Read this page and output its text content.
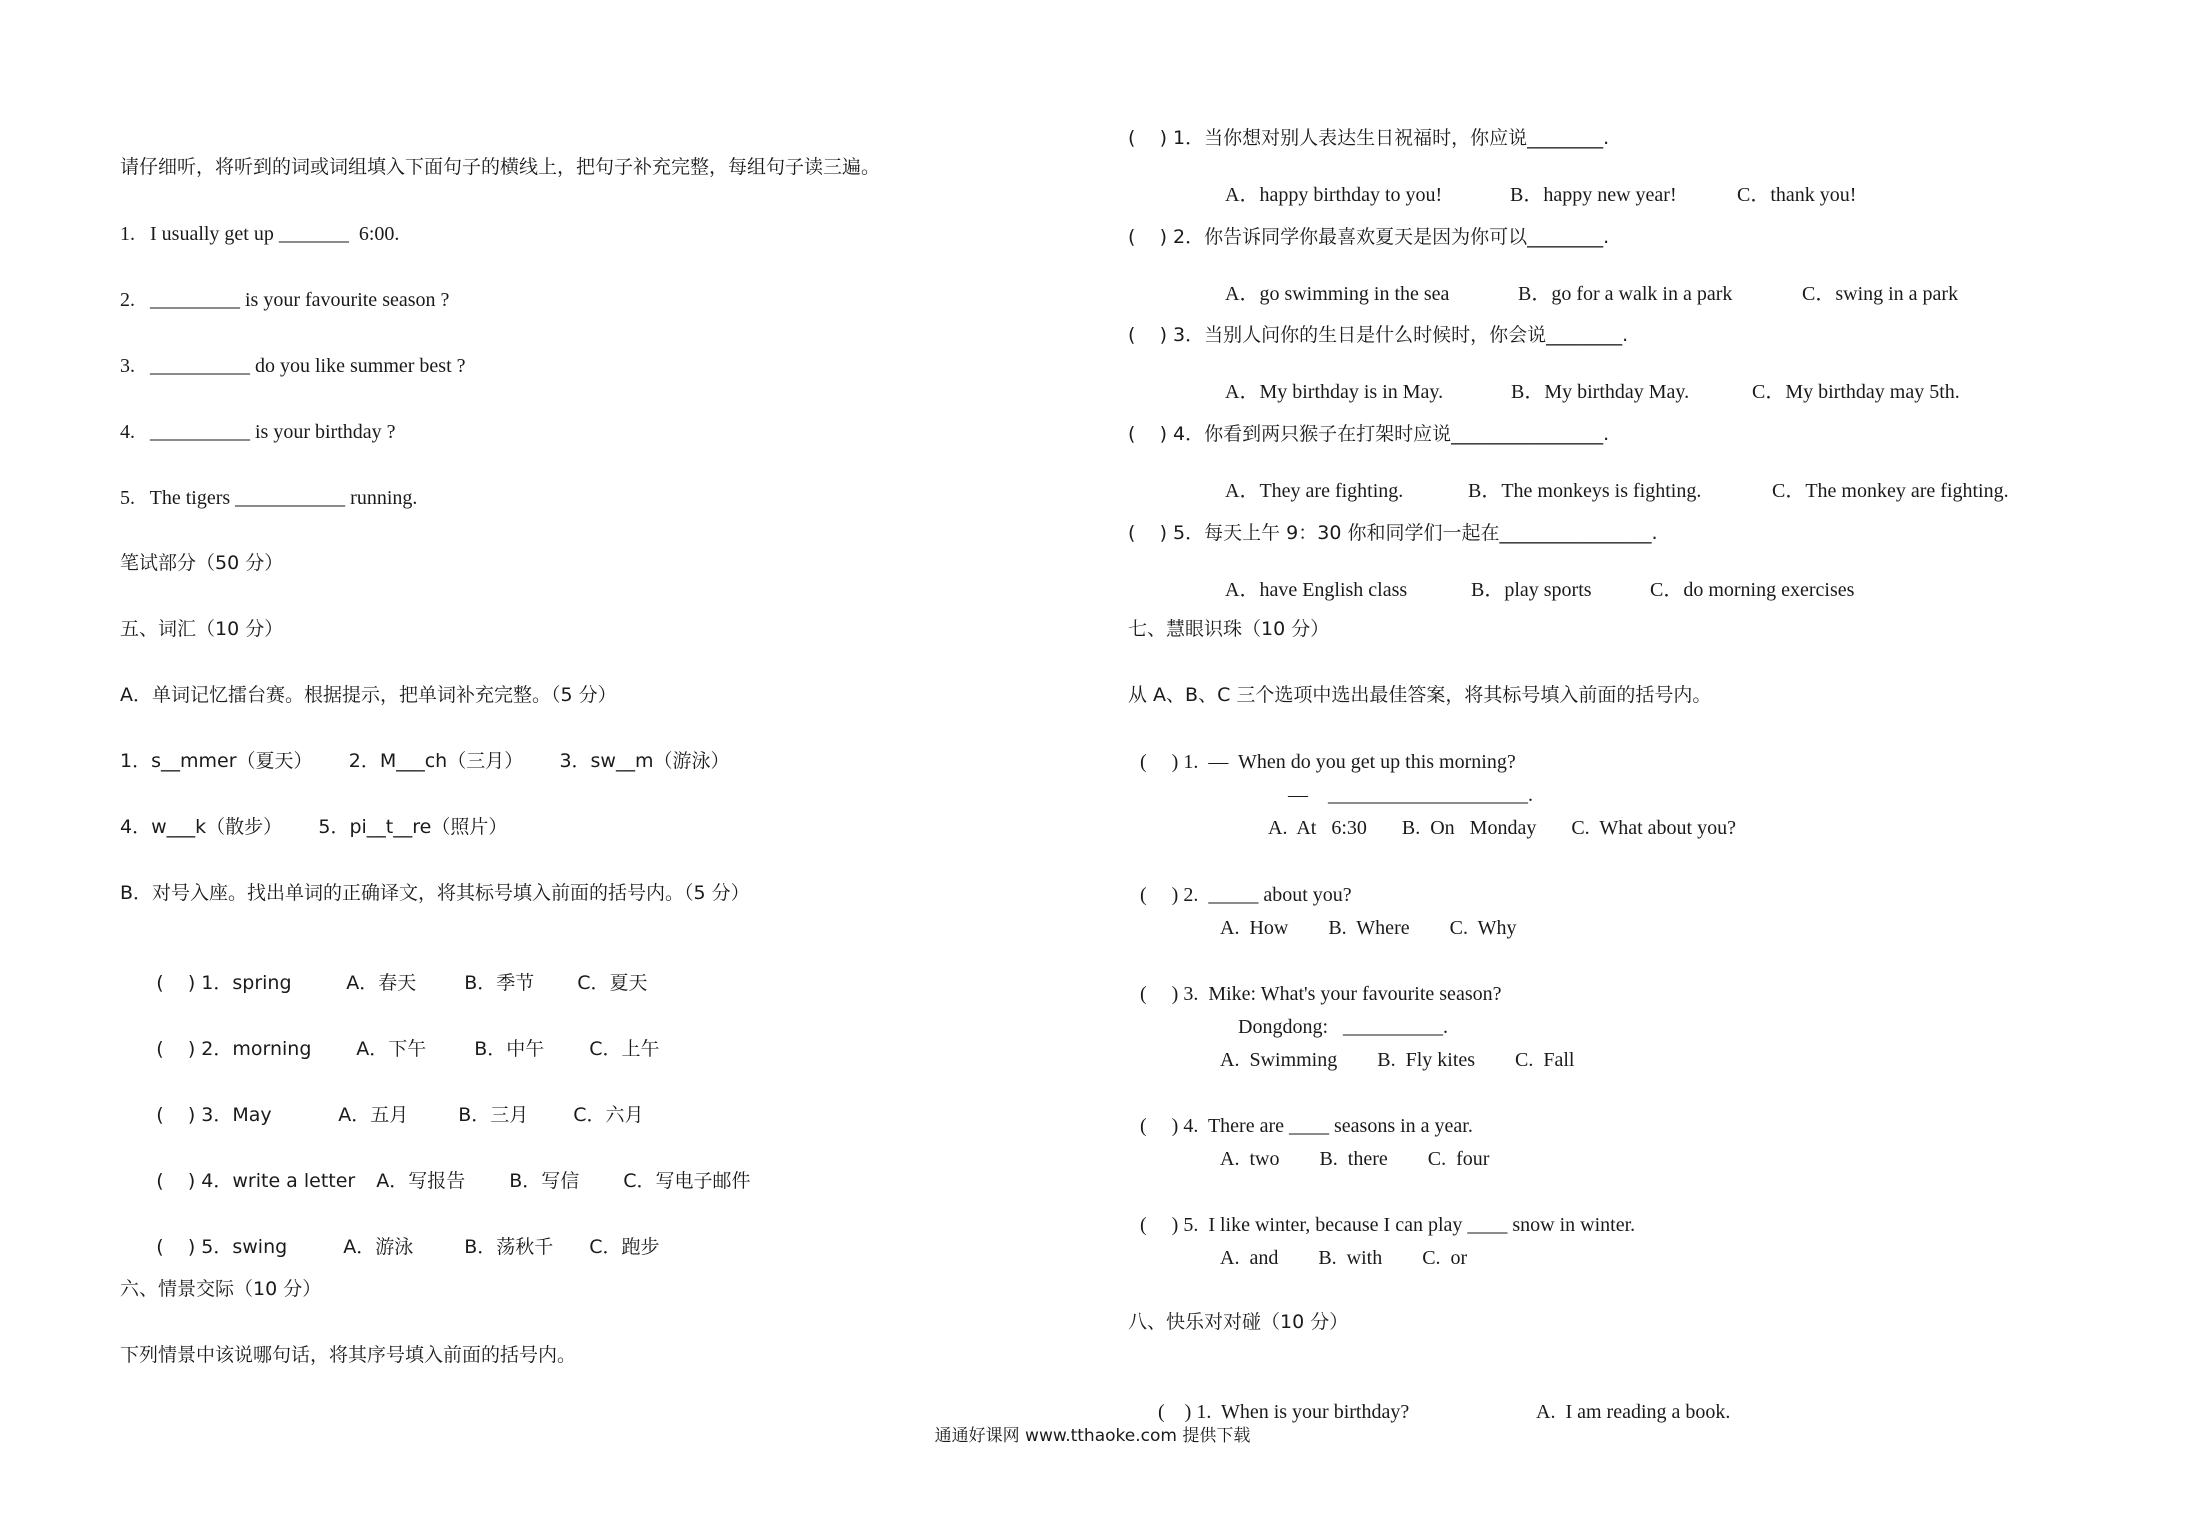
请仔细听，将听到的词或词组填入下面句子的横线上，把句子补充完整，每组句子读三遍。
1.   I usually get up _______  6:00.
2.   _________ is your favourite season ?
3.   __________ do you like summer best ?
4.   __________ is your birthday ?
5.   The tigers ___________ running.
笔试部分（50 分）
五、词汇（10 分）
A．单词记忆擂台赛。根据提示，把单词补充完整。（5 分）
1．s__mmer（夏天）      2．M___ch（三月）      3．sw__m（游泳）
4．w___k（散步）      5．pi__t__re（照片）
B．对号入座。找出单词的正确译文，将其标号填入前面的括号内。（5 分）

(    ) 1．spring	A．春天	B．季节 C．夏天

(    ) 2．morning A．下午	B．中午 C．上午

(    ) 3．May	A．五月	B．三月 C．六月

(    ) 4．write a letter A．写报告 B．写信 C．写电子邮件

(    ) 5．swing	A．游泳	B．荡秋千 C．跑步

六、情景交际（10 分）
下列情景中该说哪句话，将其序号填入前面的括号内。
(    ) 1．当你想对别人表达生日祝福时，你应说________.

A．happy birthday to you!	B．happy new year!	C．thank you!

(    ) 2．你告诉同学你最喜欢夏天是因为你可以________.

A．go swimming in the sea	B．go for a walk in a park	C．swing in a park

(    ) 3．当别人问你的生日是什么时候时，你会说________.

A．My birthday is in May.	B．My birthday May.	C．My birthday may 5th.

(    ) 4．你看到两只猴子在打架时应说________________.

A．They are fighting.	B．The monkeys is fighting.	C．The monkey are fighting.

(    ) 5．每天上午 9：30 你和同学们一起在________________.

A．have English class	B．play sports	C．do morning exercises

七、慧眼识珠（10 分）
从 A、B、C 三个选项中选出最佳答案，将其标号填入前面的括号内。
(     ) 1.  —  When do you get up this morning?
—    ____________________.
A.  At   6:30       B.  On   Monday       C.  What about you?
(     ) 2.  _____ about you?
A.  How        B.  Where        C.  Why
(     ) 3.  Mike: What's your favourite season?
Dongdong:   __________.
A.  Swimming        B.  Fly kites        C.  Fall
(     ) 4.  There are ____ seasons in a year.
A.  two        B.  there        C.  four
(     ) 5.  I like winter, because I can play ____ snow in winter.
A.  and        B.  with        C.  or
八、快乐对对碰（10 分）

(    ) 1.  When is your birthday?	A.  I am reading a book.

通通好课网 www.tthaoke.com 提供下载
